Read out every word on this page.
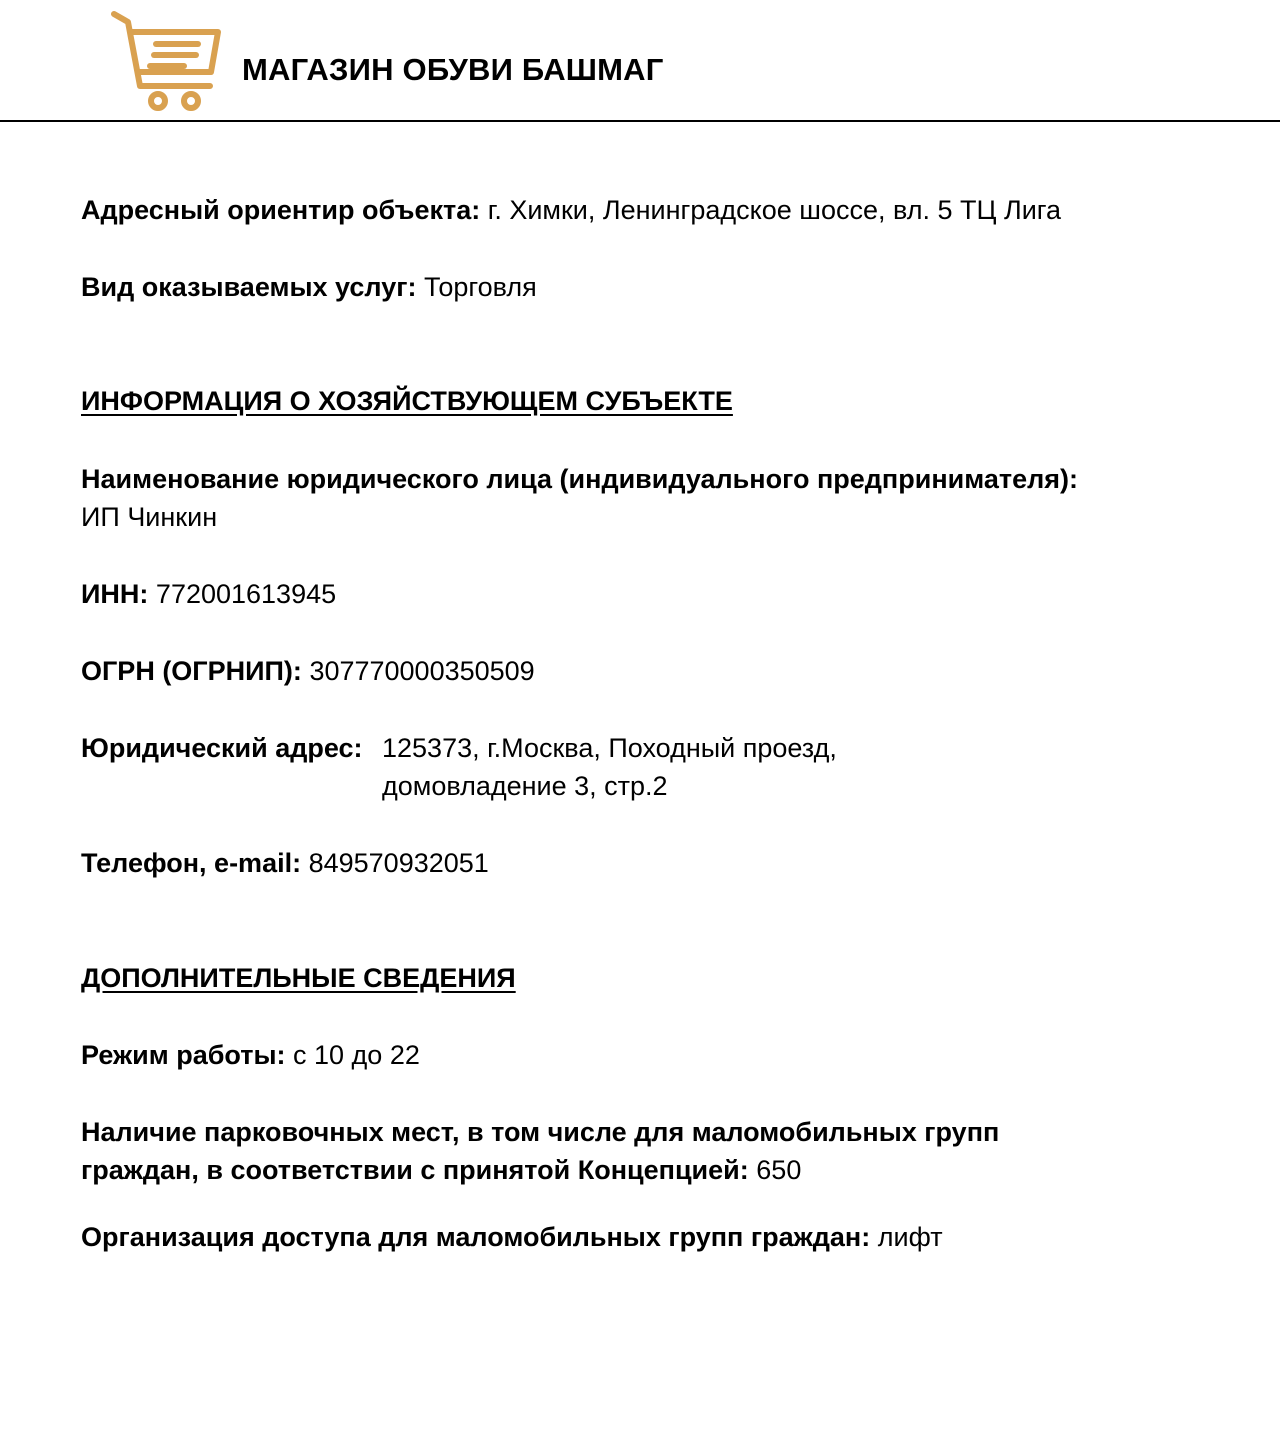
МАГАЗИН ОБУВИ БАШМАГ
Адресный ориентир объекта: г. Химки, Ленинградское шоссе, вл. 5 ТЦ Лига
Вид оказываемых услуг: Торговля
ИНФОРМАЦИЯ О ХОЗЯЙСТВУЮЩЕМ СУБЪЕКТЕ
Наименование юридического лица (индивидуального предпринимателя):
ИП Чинкин
ИНН: 772001613945
ОГРН (ОГРНИП): 307770000350509
Юридический адрес: 125373, г.Москва, Походный проезд,
домовладение 3, стр.2
Телефон, e-mail: 849570932051
ДОПОЛНИТЕЛЬНЫЕ СВЕДЕНИЯ
Режим работы: с 10 до 22
Наличие парковочных мест, в том числе для маломобильных групп
граждан, в соответствии с принятой Концепцией: 650
Организация доступа для маломобильных групп граждан: лифт
